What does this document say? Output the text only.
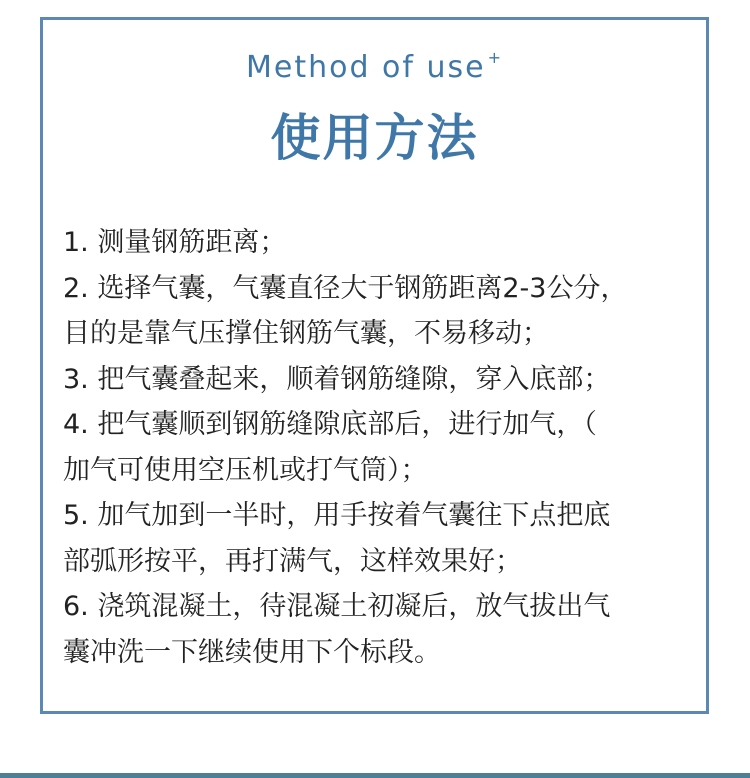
Method of use +
使用方法
1. 测量钢筋距离；
2. 选择气囊，气囊直径大于钢筋距离2-3公分，
目的是靠气压撑住钢筋气囊，不易移动；
3. 把气囊叠起来，顺着钢筋缝隙，穿入底部；
4. 把气囊顺到钢筋缝隙底部后，进行加气，（
加气可使用空压机或打气筒）；
5. 加气加到一半时，用手按着气囊往下点把底
部弧形按平，再打满气，这样效果好；
6. 浇筑混凝土，待混凝土初凝后，放气拔出气
囊冲洗一下继续使用下个标段。
